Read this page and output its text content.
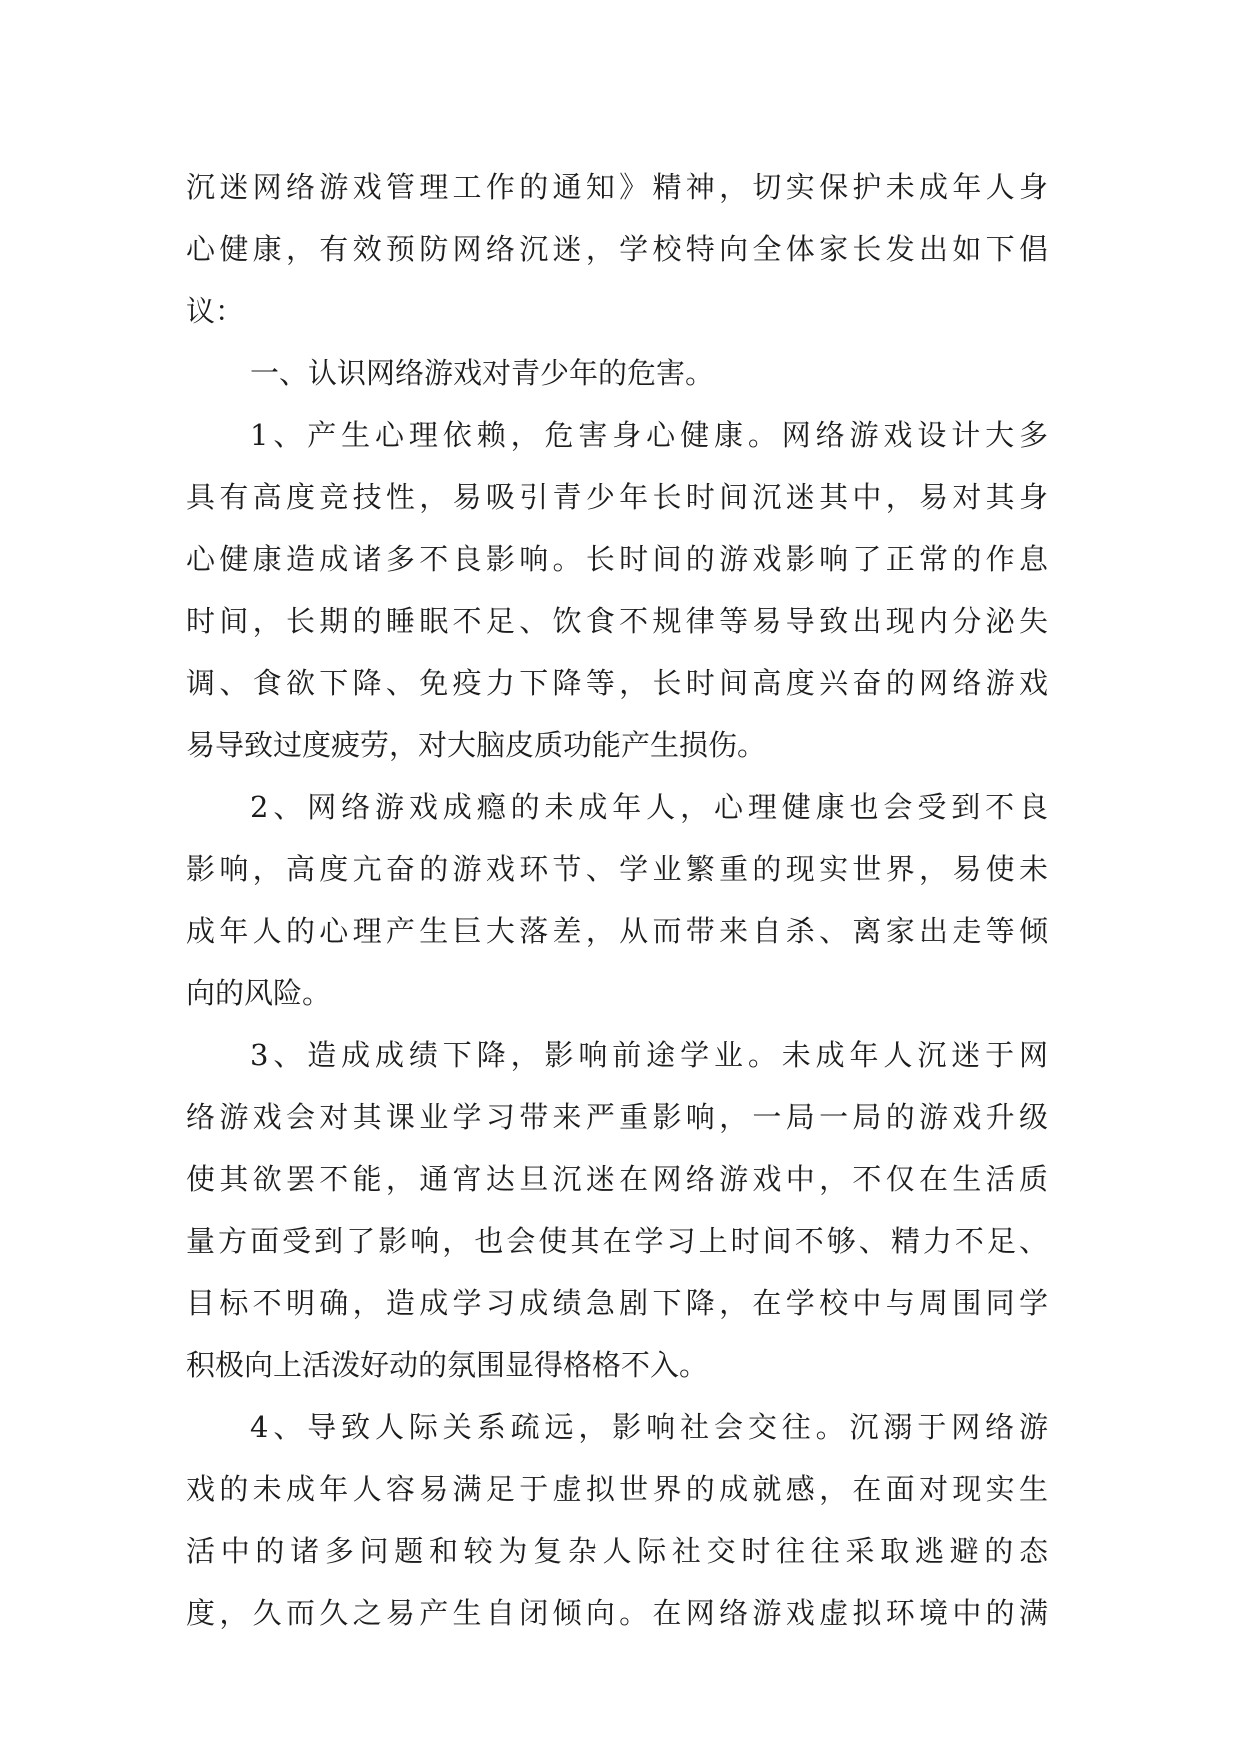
沉迷网络游戏管理工作的通知》精神，切实保护未成年人身
心健康，有效预防网络沉迷，学校特向全体家长发出如下倡
议：
一、认识网络游戏对青少年的危害。
1、产生心理依赖，危害身心健康。网络游戏设计大多
具有高度竞技性，易吸引青少年长时间沉迷其中，易对其身
心健康造成诸多不良影响。长时间的游戏影响了正常的作息
时间，长期的睡眠不足、饮食不规律等易导致出现内分泌失
调、食欲下降、免疫力下降等，长时间高度兴奋的网络游戏
易导致过度疲劳，对大脑皮质功能产生损伤。
2、网络游戏成瘾的未成年人，心理健康也会受到不良
影响，高度亢奋的游戏环节、学业繁重的现实世界，易使未
成年人的心理产生巨大落差，从而带来自杀、离家出走等倾
向的风险。
3、造成成绩下降，影响前途学业。未成年人沉迷于网
络游戏会对其课业学习带来严重影响，一局一局的游戏升级
使其欲罢不能，通宵达旦沉迷在网络游戏中，不仅在生活质
量方面受到了影响，也会使其在学习上时间不够、精力不足、
目标不明确，造成学习成绩急剧下降，在学校中与周围同学
积极向上活泼好动的氛围显得格格不入。
4、导致人际关系疏远，影响社会交往。沉溺于网络游
戏的未成年人容易满足于虚拟世界的成就感，在面对现实生
活中的诸多问题和较为复杂人际社交时往往采取逃避的态
度，久而久之易产生自闭倾向。在网络游戏虚拟环境中的满
